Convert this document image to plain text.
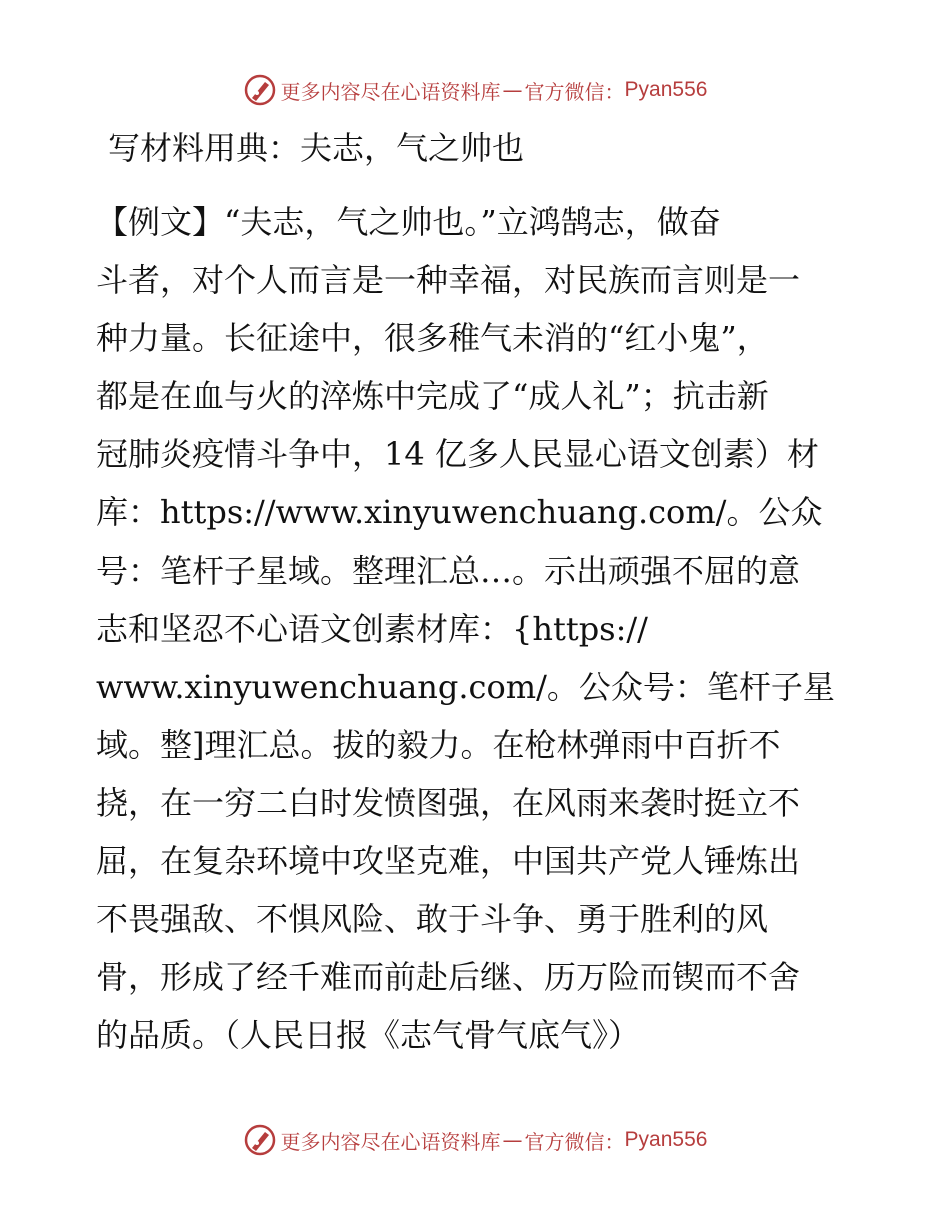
更多内容尽在心语资料库 — 官方微信： Pyan556
写材料用典：夫志，气之帅也
【例文】“夫志，气之帅也。”立鸿鹄志，做奋
斗者，对个人而言是一种幸福，对民族而言则是一
种力量。长征途中，很多稚气未消的“红小鬼”，
都是在血与火的淬炼中完成了“成人礼”；抗击新
冠肺炎疫情斗争中，14 亿多人民显心语文创素）材
库：https://www.xinyuwenchuang.com/。公众
号：笔杆子星域。整理汇总…。示出顽强不屈的意
志和坚忍不心语文创素材库：{https://
www.xinyuwenchuang.com/。公众号：笔杆子星
域。整]理汇总。拔的毅力。在枪林弹雨中百折不
挠，在一穷二白时发愤图强，在风雨来袭时挺立不
屈，在复杂环境中攻坚克难，中国共产党人锤炼出
不畏强敌、不惧风险、敢于斗争、勇于胜利的风
骨，形成了经千难而前赴后继、历万险而锲而不舍
的品质。（人民日报《志气骨气底气》）
更多内容尽在心语资料库 — 官方微信： Pyan556
